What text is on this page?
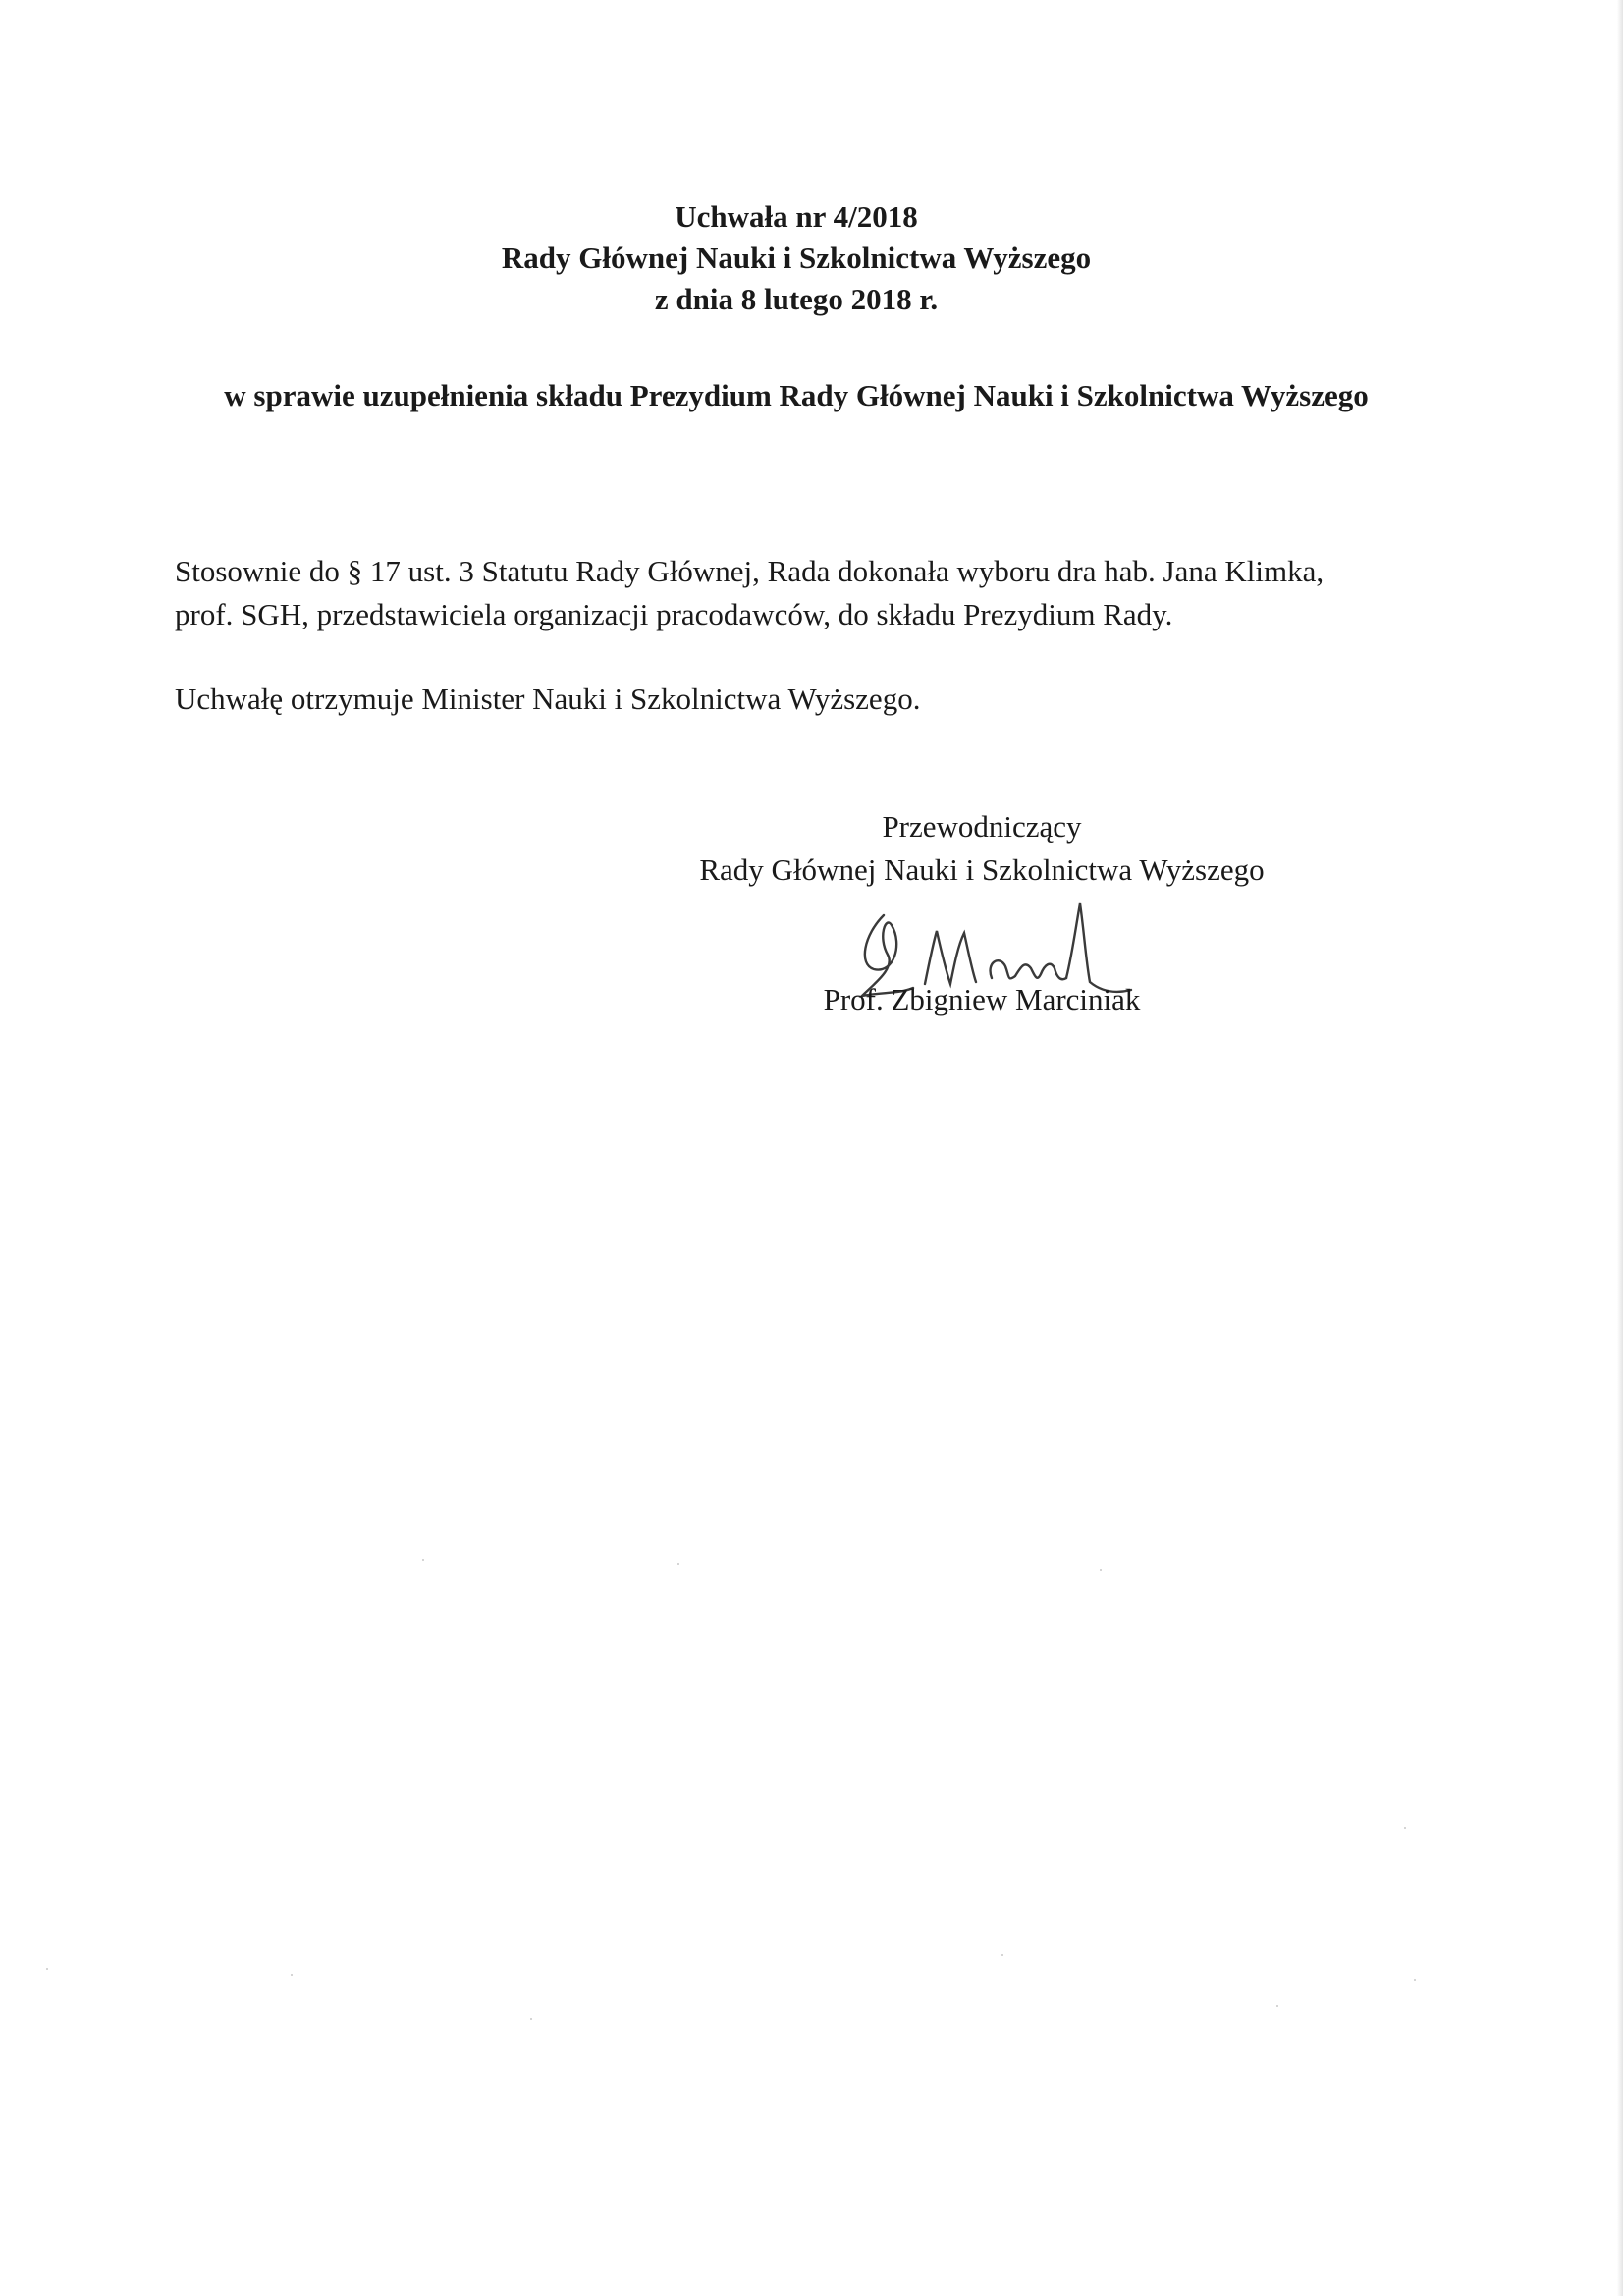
Uchwała nr 4/2018
Rady Głównej Nauki i Szkolnictwa Wyższego
z dnia 8 lutego 2018 r.
w sprawie uzupełnienia składu Prezydium Rady Głównej Nauki i Szkolnictwa Wyższego
Stosownie do § 17 ust. 3 Statutu Rady Głównej, Rada dokonała wyboru dra hab. Jana Klimka,
prof. SGH, przedstawiciela organizacji pracodawców, do składu Prezydium Rady.
Uchwałę otrzymuje Minister Nauki i Szkolnictwa Wyższego.
Przewodniczący
Rady Głównej Nauki i Szkolnictwa Wyższego
Prof. Zbigniew Marciniak
